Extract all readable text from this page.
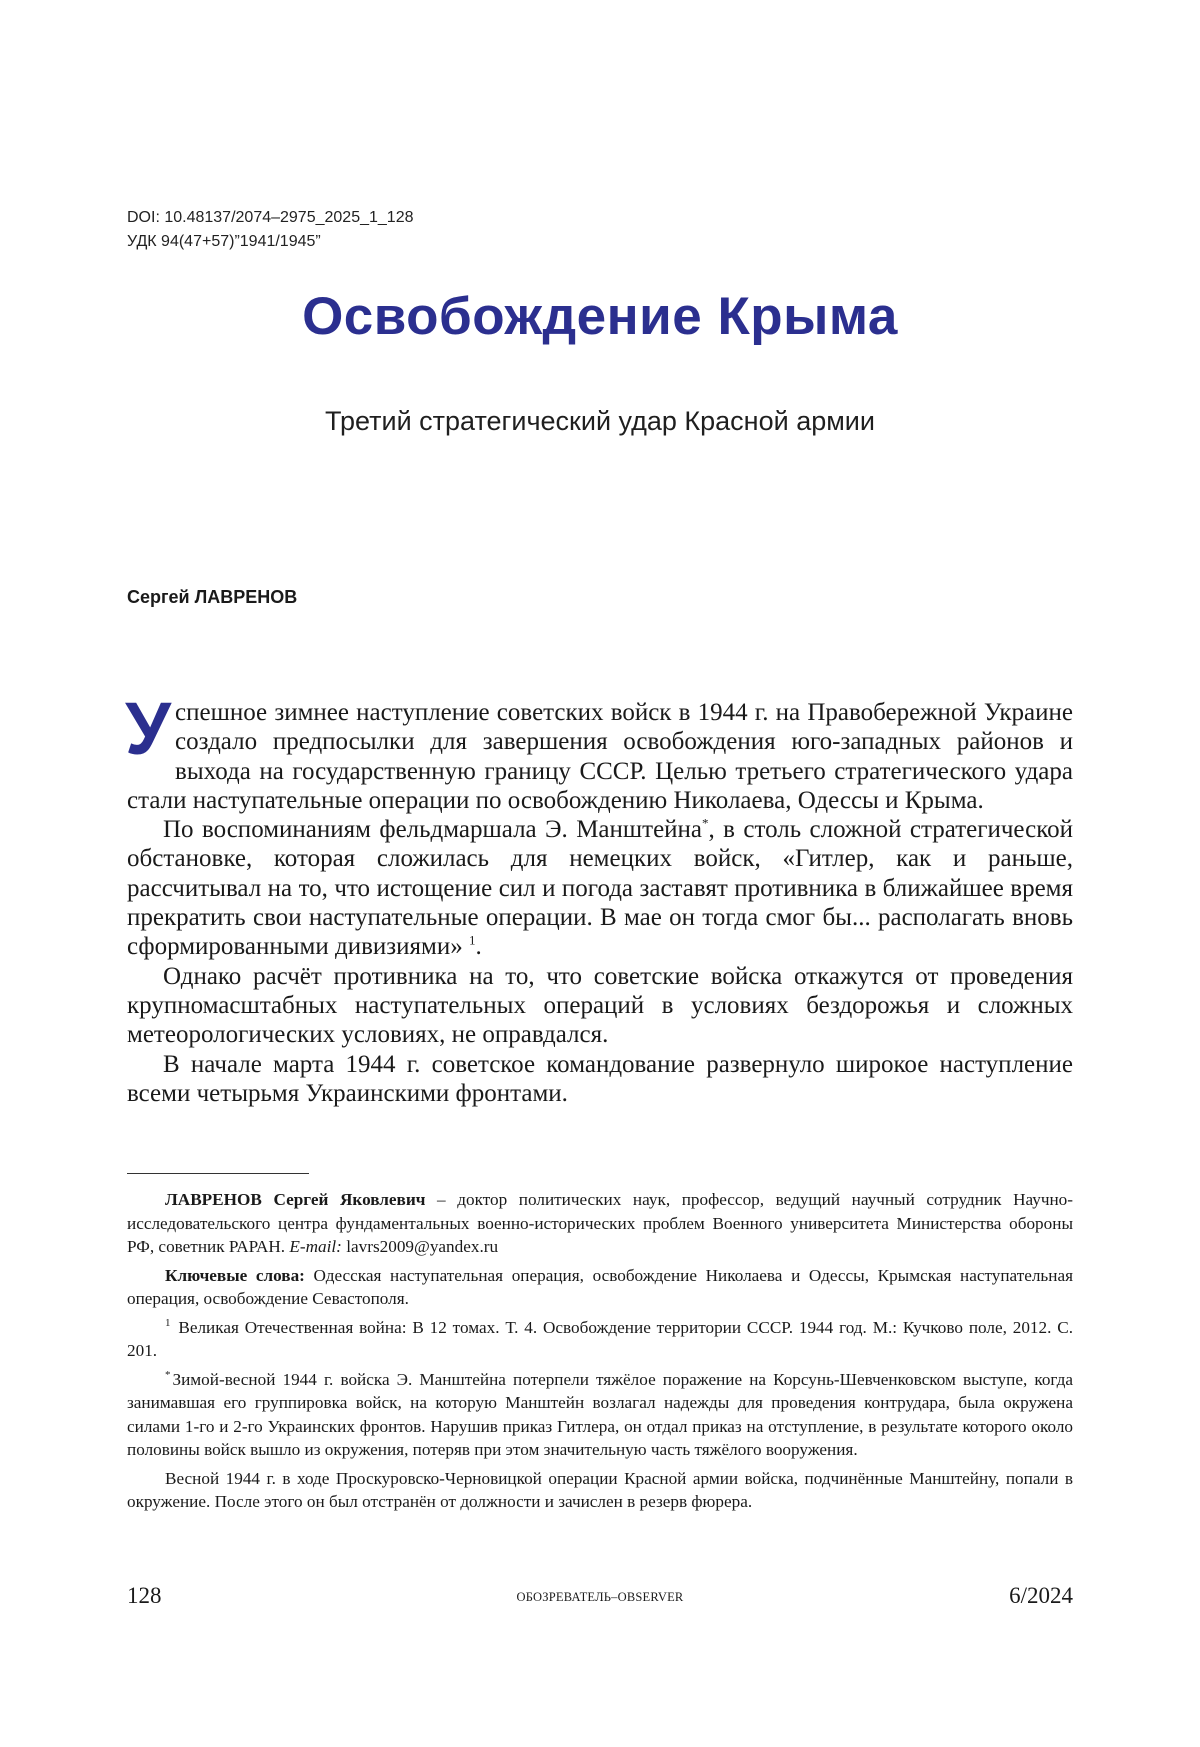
DOI: 10.48137/2074–2975_2025_1_128
УДК 94(47+57)”1941/1945”
Освобождение Крыма
Третий стратегический удар Красной армии
Сергей ЛАВРЕНОВ

У спешное зимнее наступление советских войск в 1944 г. на Правобереж­ной Украине создало предпосылки для завершения освобождения юго-западных районов и выхода на государственную границу СССР. Целью третьего стратегического удара стали наступательные операции по освобо­ждению Николаева, Одессы и Крыма.

По воспоминаниям фельдмаршала Э. Манштейна*, в столь сложной стра­тегической обстановке, которая сложилась для немецких войск, «Гитлер, как и раньше, рассчитывал на то, что истощение сил и погода заставят против­ника в ближайшее время прекратить свои наступательные операции. В мае он тогда смог бы... располагать вновь сформированными дивизиями» 1.

Однако расчёт противника на то, что советские войска откажутся от про­ведения крупномасштабных наступательных операций в условиях бездоро­жья и сложных метеорологических условиях, не оправдался.

В начале марта 1944 г. советское командование развернуло широкое наступление всеми четырьмя Украинскими фронтами.

ЛАВРЕНОВ Сергей Яковлевич – доктор политических наук, профессор, ведущий научный со­трудник Научно-исследовательского центра фундаментальных военно-исторических проблем Военного университета Министерства обороны РФ, советник РАРАН. E-mail: lavrs2009@yandex.ru

Ключевые слова: Одесская наступательная операция, освобождение Николаева и Одессы, Крым­ская наступательная операция, освобождение Севастополя.

1 Великая Отечественная война: В 12 томах. Т. 4. Освобождение территории СССР. 1944 год. М.: Куч­ково поле, 2012. С. 201.

* Зимой-весной 1944 г. войска Э. Манштейна потерпели тяжёлое поражение на Корсунь-Шевченков­ском выступе, когда занимавшая его группировка войск, на которую Манштейн возлагал надежды для проведения контрудара, была окружена силами 1-го и 2-го Украинских фронтов. Нарушив приказ Гит­лера, он отдал приказ на отступление, в результате которого около половины войск вышло из окружения, потеряв при этом значительную часть тяжёлого вооружения.

Весной 1944 г. в ходе Проскуровско-Черновицкой операции Красной армии войска, подчинённые Ман­штейну, попали в окружение. После этого он был отстранён от должности и зачислен в резерв фюрера.

128	ОБОЗРЕВАТЕЛЬ–OBSERVER	6/2024
